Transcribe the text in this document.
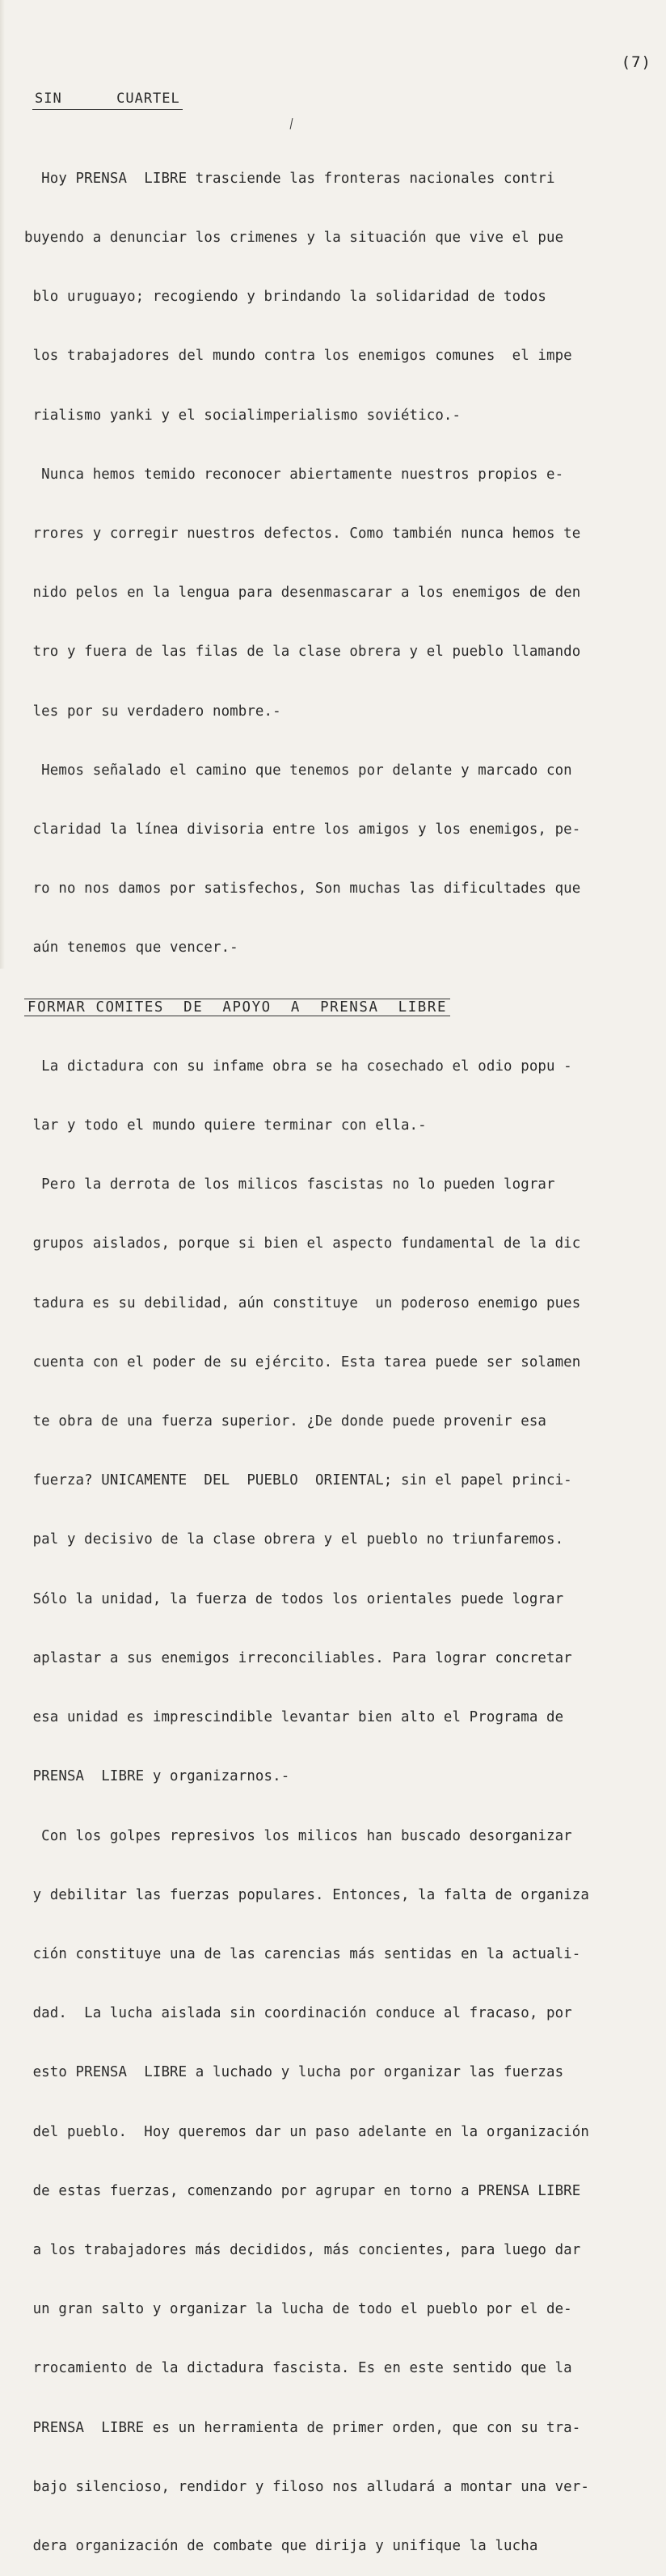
(7)
SIN      CUARTEL

Hoy PRENSA  LIBRE trasciende las fronteras nacionales contri

buyendo a denunciar los crimenes y la situación que vive el pue

blo uruguayo; recogiendo y brindando la solidaridad de todos

los trabajadores del mundo contra los enemigos comunes  el impe

rialismo yanki y el socialimperialismo soviético.-

Nunca hemos temido reconocer abiertamente nuestros propios e-

rrores y corregir nuestros defectos. Como también nunca hemos te

nido pelos en la lengua para desenmascarar a los enemigos de den

tro y fuera de las filas de la clase obrera y el pueblo llamando

les por su verdadero nombre.-

Hemos señalado el camino que tenemos por delante y marcado con

claridad la línea divisoria entre los amigos y los enemigos, pe-

ro no nos damos por satisfechos, Son muchas las dificultades que

aún tenemos que vencer.-

FORMAR COMITES  DE  APOYO  A  PRENSA  LIBRE

La dictadura con su infame obra se ha cosechado el odio popu -

lar y todo el mundo quiere terminar con ella.-

Pero la derrota de los milicos fascistas no lo pueden lograr

grupos aislados, porque si bien el aspecto fundamental de la dic

tadura es su debilidad, aún constituye  un poderoso enemigo pues

cuenta con el poder de su ejército. Esta tarea puede ser solamen

te obra de una fuerza superior. ¿De donde puede provenir esa

fuerza? UNICAMENTE  DEL  PUEBLO  ORIENTAL; sin el papel princi-

pal y decisivo de la clase obrera y el pueblo no triunfaremos.

Sólo la unidad, la fuerza de todos los orientales puede lograr

aplastar a sus enemigos irreconciliables. Para lograr concretar

esa unidad es imprescindible levantar bien alto el Programa de

PRENSA  LIBRE y organizarnos.-

Con los golpes represivos los milicos han buscado desorganizar

y debilitar las fuerzas populares. Entonces, la falta de organiza

ción constituye una de las carencias más sentidas en la actuali-

dad.  La lucha aislada sin coordinación conduce al fracaso, por

esto PRENSA  LIBRE a luchado y lucha por organizar las fuerzas

del pueblo.  Hoy queremos dar un paso adelante en la organización

de estas fuerzas, comenzando por agrupar en torno a PRENSA LIBRE

a los trabajadores más decididos, más concientes, para luego dar

un gran salto y organizar la lucha de todo el pueblo por el de-

rrocamiento de la dictadura fascista. Es en este sentido que la

PRENSA  LIBRE es un herramienta de primer orden, que con su tra-

bajo silencioso, rendidor y filoso nos alludará a montar una ver-

dera organización de combate que dirija y unifique la lucha
